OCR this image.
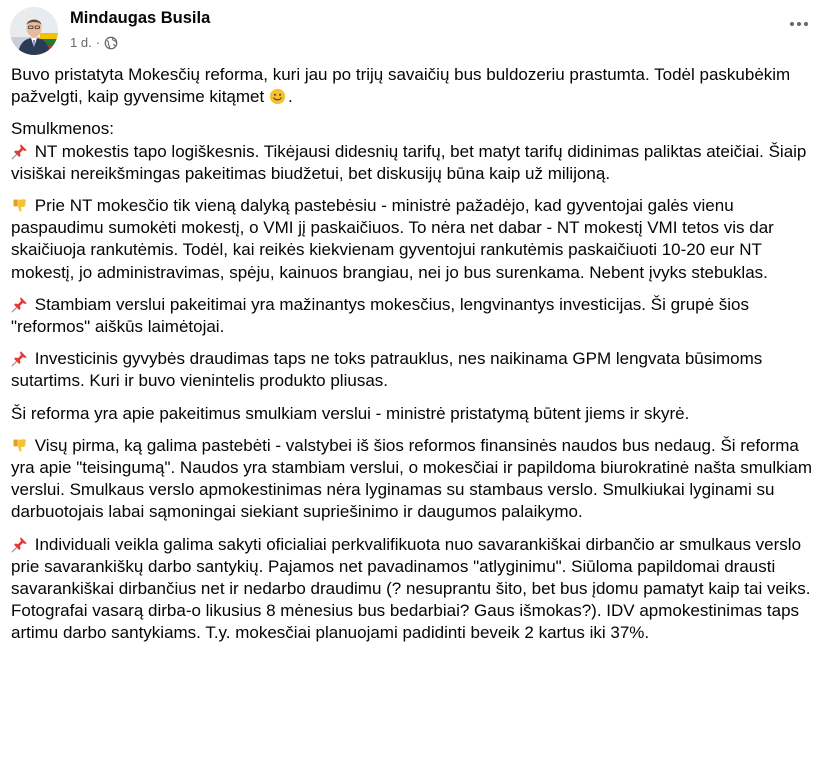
Mindaugas Busila
1 d. ·

Buvo pristatyta Mokesčių reforma, kuri jau po trijų savaičių bus buldozeriu prastumta. Todėl paskubėkim pažvelgti, kaip gyvensime kitąmet .

Smulkmenos:
NT mokestis tapo logiškesnis. Tikėjausi didesnių tarifų, bet matyt tarifų didinimas paliktas ateičiai. Šiaip visiškai nereikšmingas pakeitimas biudžetui, bet diskusijų būna kaip už milijoną.

Prie NT mokesčio tik vieną dalyką pastebėsiu - ministrė pažadėjo, kad gyventojai galės vienu paspaudimu sumokėti mokestį, o VMI jį paskaičiuos. To nėra net dabar - NT mokestį VMI tetos vis dar skaičiuoja rankutėmis. Todėl, kai reikės kiekvienam gyventojui rankutėmis paskaičiuoti 10-20 eur NT mokestį, jo administravimas, spėju, kainuos brangiau, nei jo bus surenkama. Nebent įvyks stebuklas.

Stambiam verslui pakeitimai yra mažinantys mokesčius, lengvinantys investicijas. Ši grupė šios "reformos" aiškūs laimėtojai.

Investicinis gyvybės draudimas taps ne toks patrauklus, nes naikinama GPM lengvata būsimoms sutartims. Kuri ir buvo vienintelis produkto pliusas.

Ši reforma yra apie pakeitimus smulkiam verslui - ministrė pristatymą būtent jiems ir skyrė.

Visų pirma, ką galima pastebėti - valstybei iš šios reformos finansinės naudos bus nedaug. Ši reforma yra apie "teisingumą". Naudos yra stambiam verslui, o mokesčiai ir papildoma biurokratinė našta smulkiam verslui. Smulkaus verslo apmokestinimas nėra lyginamas su stambaus verslo. Smulkiukai lyginami su darbuotojais labai sąmoningai siekiant supriešinimo ir daugumos palaikymo.

Individuali veikla galima sakyti oficialiai perkvalifikuota nuo savarankiškai dirbančio ar smulkaus verslo prie savarankiškų darbo santykių. Pajamos net pavadinamos "atlyginimu". Siūloma papildomai drausti savarankiškai dirbančius net ir nedarbo draudimu (? nesuprantu šito, bet bus įdomu pamatyt kaip tai veiks. Fotografai vasarą dirba-o likusius 8 mėnesius bus bedarbiai? Gaus išmokas?). IDV apmokestinimas taps artimu darbo santykiams. T.y. mokesčiai planuojami padidinti beveik 2 kartus iki 37%.
